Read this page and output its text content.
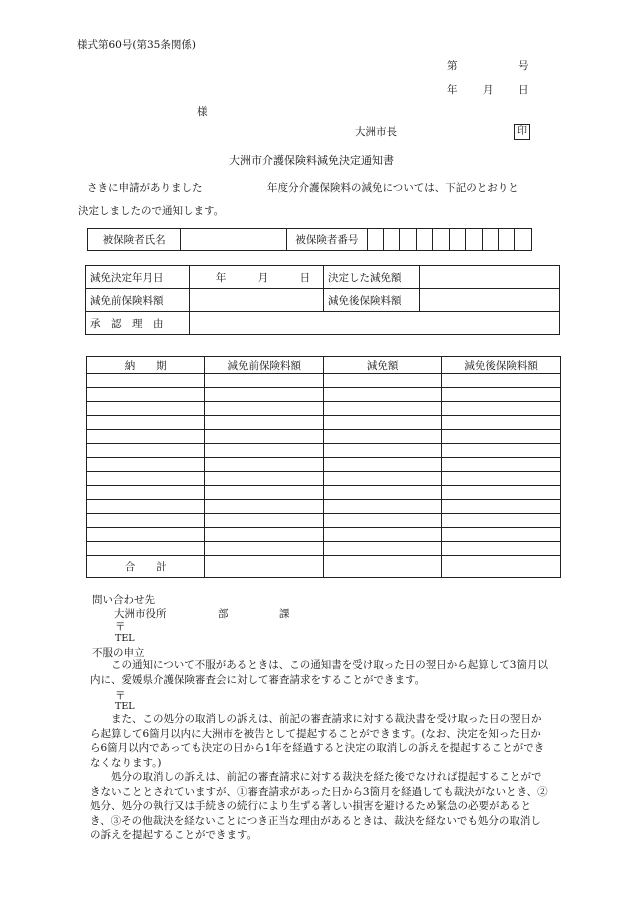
様式第60号(第35条関係)
第	号
年 月 日
様
大洲市長	印
大洲市介護保険料減免決定通知書
さきに申請がありました	年度分介護保険料の減免については、下記のとおりと
決定しましたので通知します。
被保険者氏名		被保険者番号										
減免決定年月日	年 月 日	決定した減免額	
減免前保険料額		減免後保険料額	
承　認　理　由			
納　　期	減免前保険料額	減免額	減免後保険料額

合　　計			
問い合わせ先
大洲市役所	部	課
〒
TEL
不服の申立
この通知について不服があるときは、この通知書を受け取った日の翌日から起算して3箇月以内に、愛媛県介護保険審査会に対して審査請求をすることができます。
〒
TEL
また、この処分の取消しの訴えは、前記の審査請求に対する裁決書を受け取った日の翌日から起算して6箇月以内に大洲市を被告として提起することができます。(なお、決定を知った日から6箇月以内であっても決定の日から1年を経過すると決定の取消しの訴えを提起することができなくなります。)
処分の取消しの訴えは、前記の審査請求に対する裁決を経た後でなければ提起することができないこととされていますが、①審査請求があった日から3箇月を経過しても裁決がないとき、②処分、処分の執行又は手続きの続行により生ずる著しい損害を避けるため緊急の必要があるとき、③その他裁決を経ないことにつき正当な理由があるときは、裁決を経ないでも処分の取消しの訴えを提起することができます。
